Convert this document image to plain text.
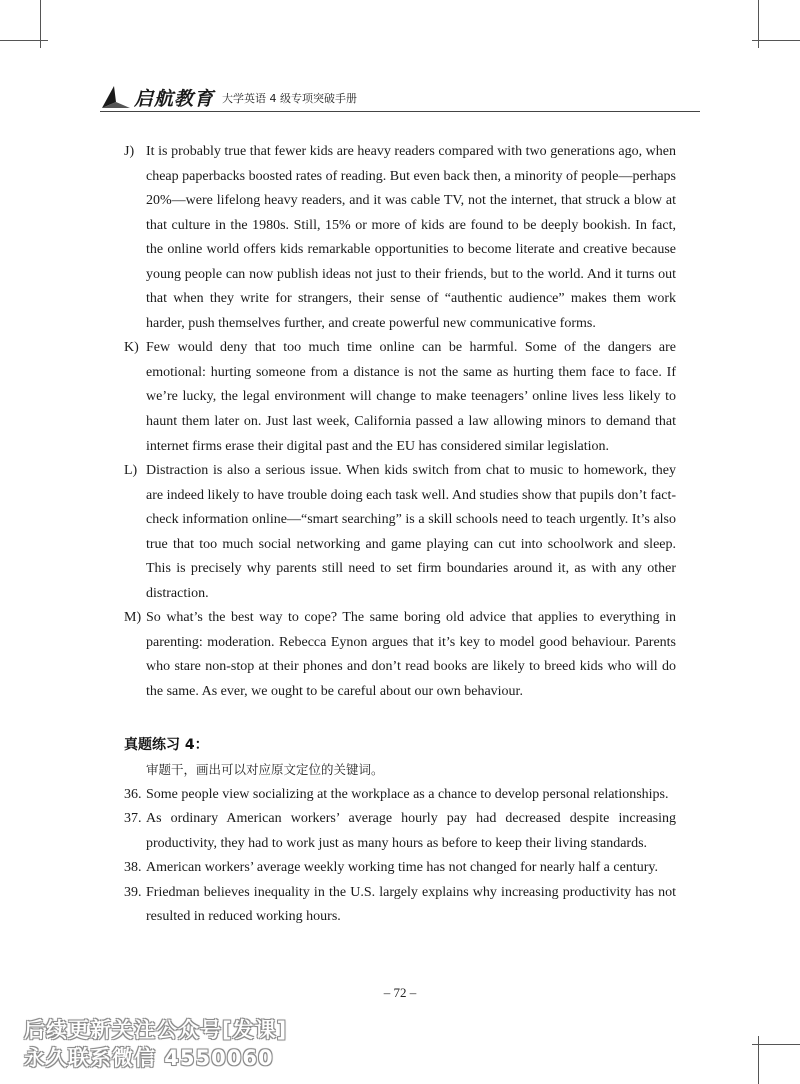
启航教育 大学英语 4 级专项突破手册
J) It is probably true that fewer kids are heavy readers compared with two generations ago, when cheap paperbacks boosted rates of reading. But even back then, a minority of people—perhaps 20%—were lifelong heavy readers, and it was cable TV, not the internet, that struck a blow at that culture in the 1980s. Still, 15% or more of kids are found to be deeply bookish. In fact, the online world offers kids remarkable opportunities to become literate and creative because young people can now publish ideas not just to their friends, but to the world. And it turns out that when they write for strangers, their sense of “authentic audience” makes them work harder, push themselves further, and create powerful new communicative forms.
K) Few would deny that too much time online can be harmful. Some of the dangers are emotional: hurting someone from a distance is not the same as hurting them face to face. If we’re lucky, the legal environment will change to make teenagers’ online lives less likely to haunt them later on. Just last week, California passed a law allowing minors to demand that internet firms erase their digital past and the EU has considered similar legislation.
L) Distraction is also a serious issue. When kids switch from chat to music to homework, they are indeed likely to have trouble doing each task well. And studies show that pupils don’t fact-check information online—“smart searching” is a skill schools need to teach urgently. It’s also true that too much social networking and game playing can cut into schoolwork and sleep. This is precisely why parents still need to set firm boundaries around it, as with any other distraction.
M) So what’s the best way to cope? The same boring old advice that applies to everything in parenting: moderation. Rebecca Eynon argues that it’s key to model good behaviour. Parents who stare non-stop at their phones and don’t read books are likely to breed kids who will do the same. As ever, we ought to be careful about our own behaviour.
真题练习 4：
审题干，画出可以对应原文定位的关键词。
36. Some people view socializing at the workplace as a chance to develop personal relationships.
37. As ordinary American workers’ average hourly pay had decreased despite increasing productivity, they had to work just as many hours as before to keep their living standards.
38. American workers’ average weekly working time has not changed for nearly half a century.
39. Friedman believes inequality in the U.S. largely explains why increasing productivity has not resulted in reduced working hours.
– 72 –
后续更新关注公众号[发课]
永久联系微信 4550060
